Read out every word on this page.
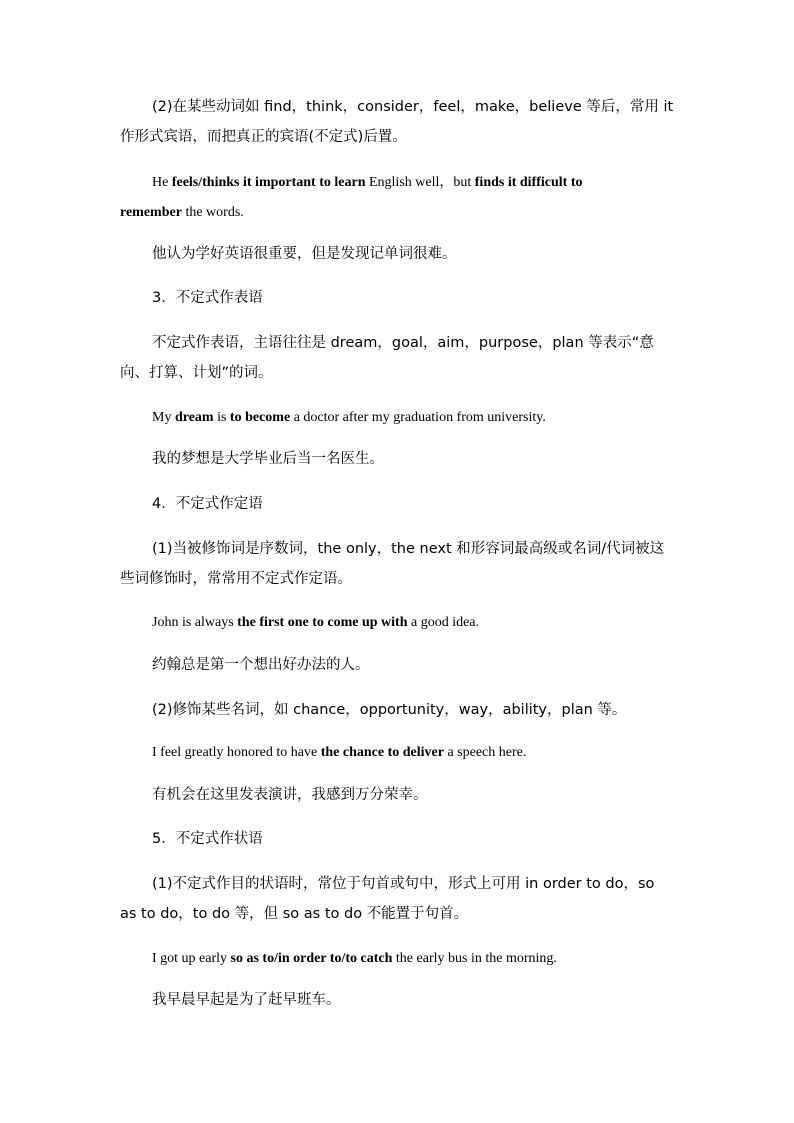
(2)在某些动词如 find，think，consider，feel，make，believe 等后，常用 it
作形式宾语，而把真正的宾语(不定式)后置。
He feels/thinks it important to learn English well，but finds it difficult to
remember the words.
他认为学好英语很重要，但是发现记单词很难。
3．不定式作表语
不定式作表语，主语往往是 dream，goal，aim，purpose，plan 等表示“意
向、打算、计划”的词。
My dream is to become a doctor after my graduation from university.
我的梦想是大学毕业后当一名医生。
4．不定式作定语
(1)当被修饰词是序数词，the only，the next 和形容词最高级或名词/代词被这
些词修饰时，常常用不定式作定语。
John is always the first one to come up with a good idea.
约翰总是第一个想出好办法的人。
(2)修饰某些名词，如 chance，opportunity，way，ability，plan 等。
I feel greatly honored to have the chance to deliver a speech here.
有机会在这里发表演讲，我感到万分荣幸。
5．不定式作状语
(1)不定式作目的状语时，常位于句首或句中，形式上可用 in order to do，so
as to do，to do 等，但 so as to do 不能置于句首。
I got up early so as to/in order to/to catch the early bus in the morning.
我早晨早起是为了赶早班车。
